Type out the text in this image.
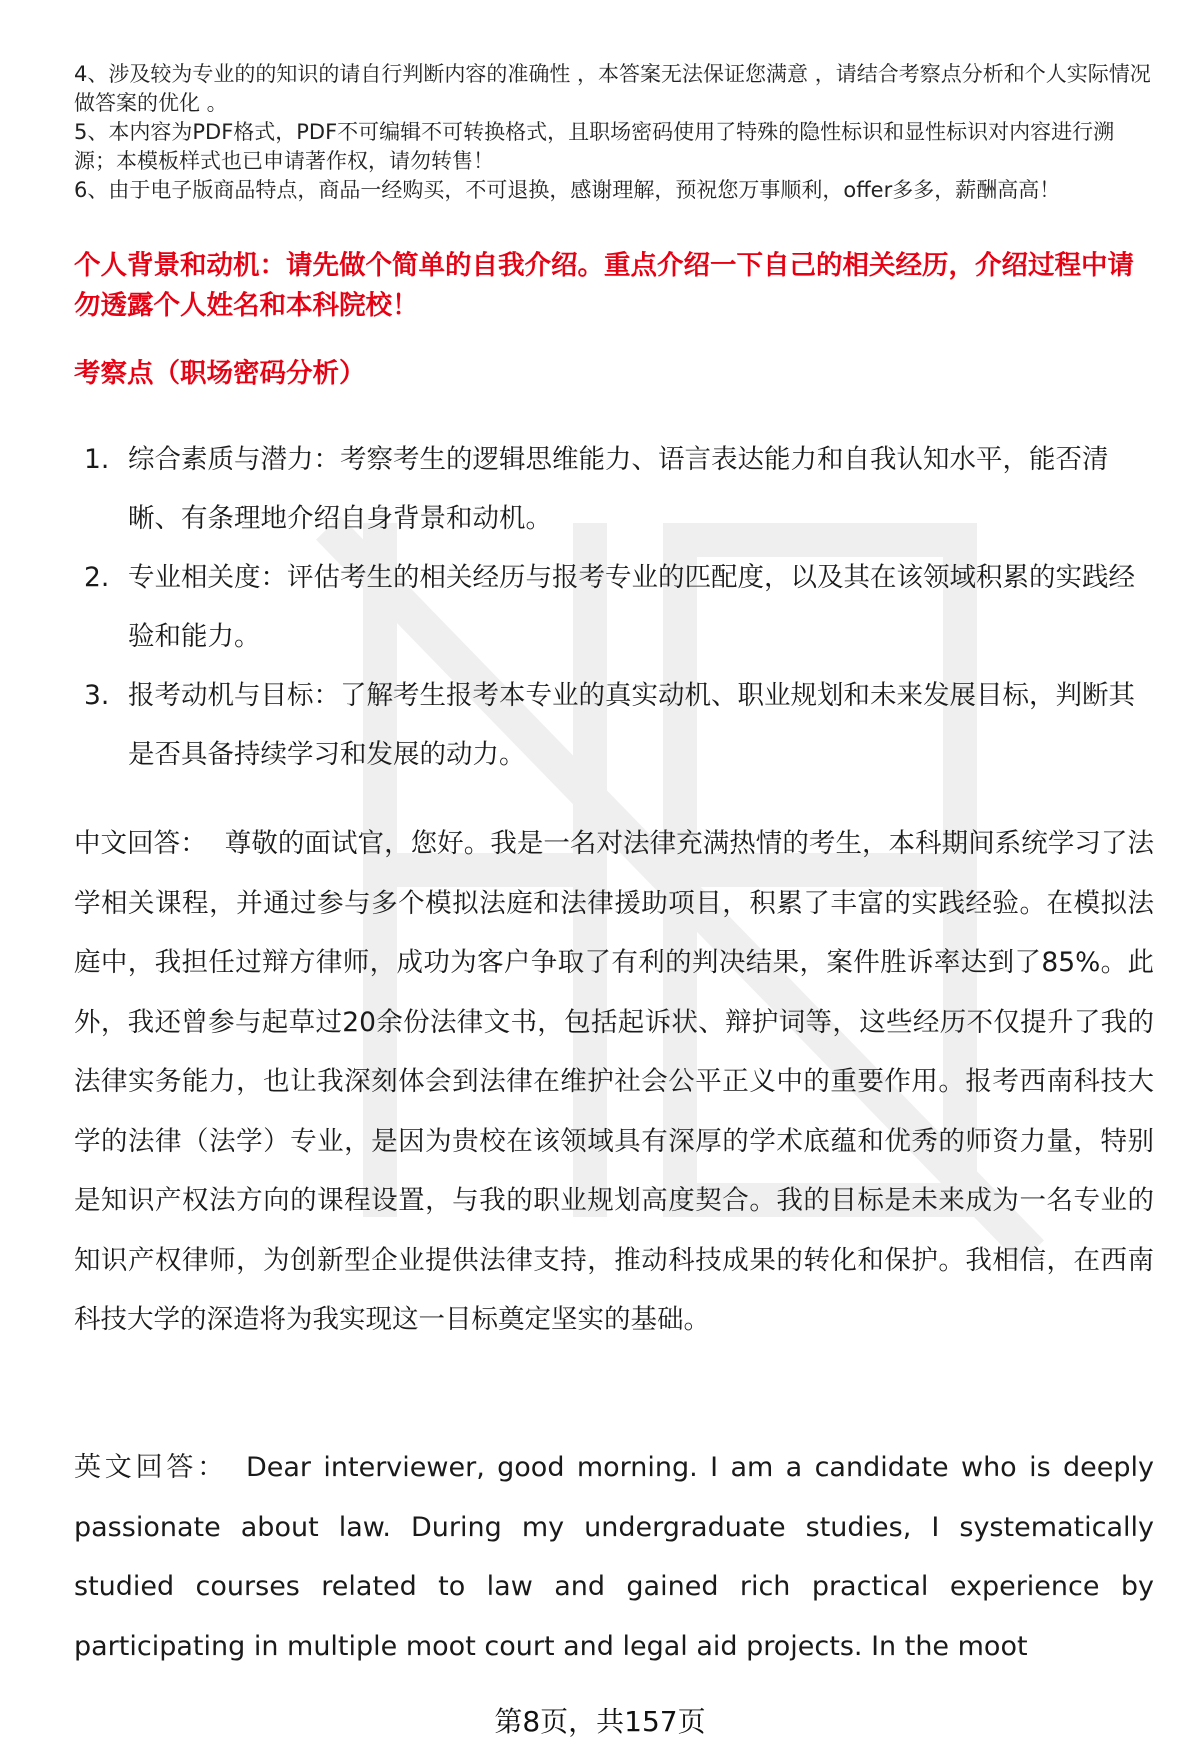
4、涉及较为专业的的知识的请自行判断内容的准确性 ，本答案无法保证您满意 ，请结合考察点分析和个人实际情况做答案的优化 。

5、本内容为PDF格式，PDF不可编辑不可转换格式，且职场密码使用了特殊的隐性标识和显性标识对内容进行溯源；本模板样式也已申请著作权，请勿转售！

6、由于电子版商品特点，商品一经购买，不可退换，感谢理解，预祝您万事顺利，offer多多，薪酬高高！

个人背景和动机：请先做个简单的自我介绍。重点介绍一下自己的相关经历，介绍过程中请勿透露个人姓名和本科院校！
考察点（职场密码分析）
1. 综合素质与潜力：考察考生的逻辑思维能力、语言表达能力和自我认知水平，能否清晰、有条理地介绍自身背景和动机。
2. 专业相关度：评估考生的相关经历与报考专业的匹配度，以及其在该领域积累的实践经验和能力。
3. 报考动机与目标：了解考生报考本专业的真实动机、职业规划和未来发展目标，判断其是否具备持续学习和发展的动力。

中文回答： 尊敬的面试官，您好。我是一名对法律充满热情的考生，本科期间系统学习了法学相关课程，并通过参与多个模拟法庭和法律援助项目，积累了丰富的实践经验。在模拟法庭中，我担任过辩方律师，成功为客户争取了有利的判决结果，案件胜诉率达到了85%。此外，我还曾参与起草过20余份法律文书，包括起诉状、辩护词等，这些经历不仅提升了我的法律实务能力，也让我深刻体会到法律在维护社会公平正义中的重要作用。报考西南科技大学的法律（法学）专业，是因为贵校在该领域具有深厚的学术底蕴和优秀的师资力量，特别是知识产权法方向的课程设置，与我的职业规划高度契合。我的目标是未来成为一名专业的知识产权律师，为创新型企业提供法律支持，推动科技成果的转化和保护。我相信，在西南科技大学的深造将为我实现这一目标奠定坚实的基础。

英文回答： Dear interviewer, good morning. I am a candidate who is deeply passionate about law. During my undergraduate studies, I systematically studied courses related to law and gained rich practical experience by participating in multiple moot court and legal aid projects. In the moot

第8页，共157页
